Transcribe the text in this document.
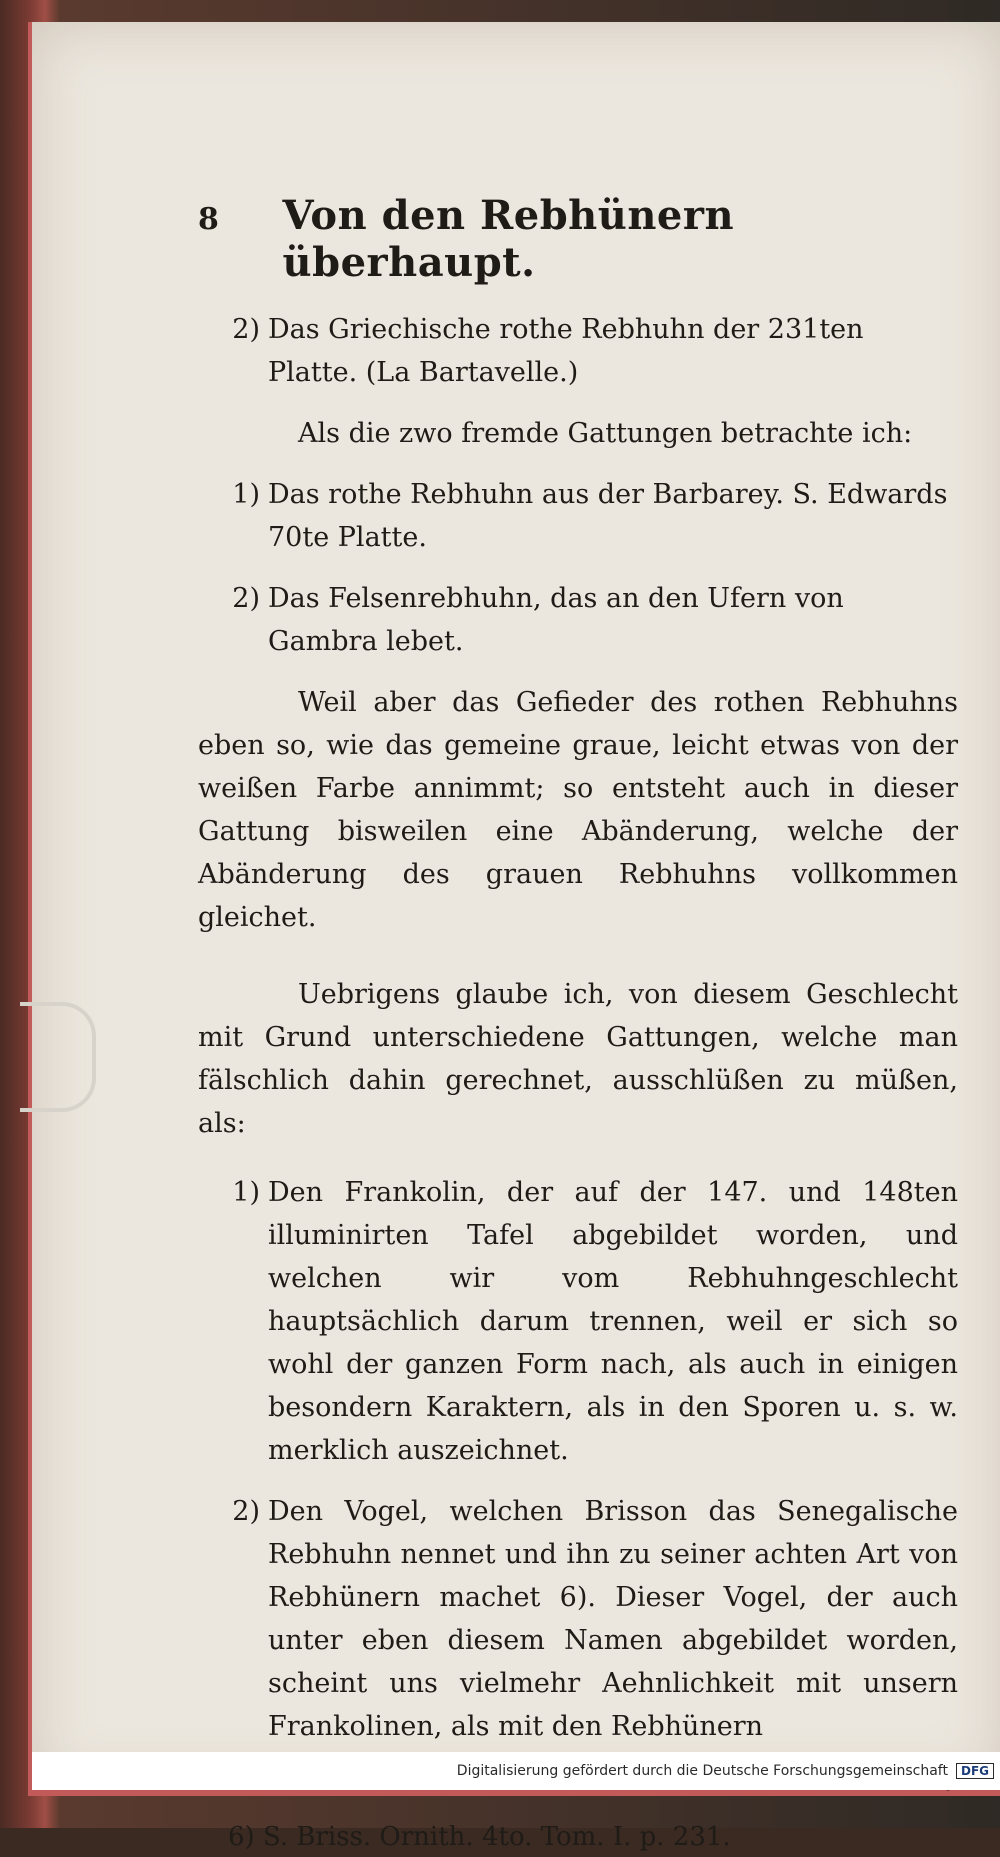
8	Von den Rebhünern überhaupt.
2) Das Griechische rothe Rebhuhn der 231ten Platte. (La Bartavelle.)

Als die zwo fremde Gattungen betrachte ich:

1) Das rothe Rebhuhn aus der Barbarey. S. Edwards 70te Platte.
2) Das Felsenrebhuhn, das an den Ufern von Gambra lebet.

Weil aber das Gefieder des rothen Rebhuhns eben so, wie das gemeine graue, leicht etwas von der weißen Farbe annimmt; so entsteht auch in dieser Gattung bisweilen eine Abänderung, welche der Abänderung des grauen Rebhuhns vollkommen gleichet.

Uebrigens glaube ich, von diesem Geschlecht mit Grund unterschiedene Gattungen, welche man fälschlich dahin gerechnet, ausschlüßen zu müßen, als:

1) Den Frankolin, der auf der 147. und 148ten illuminirten Tafel abgebildet worden, und welchen wir vom Rebhuhngeschlecht hauptsächlich darum trennen, weil er sich so wohl der ganzen Form nach, als auch in einigen besondern Karaktern, als in den Sporen u. s. w. merklich auszeichnet.
2) Den Vogel, welchen Brisson das Senegalische Rebhuhn nennet und ihn zu seiner achten Art von Rebhünern machet 6). Dieser Vogel, der auch unter eben diesem Namen abgebildet worden, scheint uns vielmehr Aehnlichkeit mit unsern Frankolinen, als mit den Rebhünern
6) S. Briss. Ornith. 4to. Tom. I. p. 231.
Digitalisierung gefördert durch die Deutsche Forschungsgemeinschaft	DFG
